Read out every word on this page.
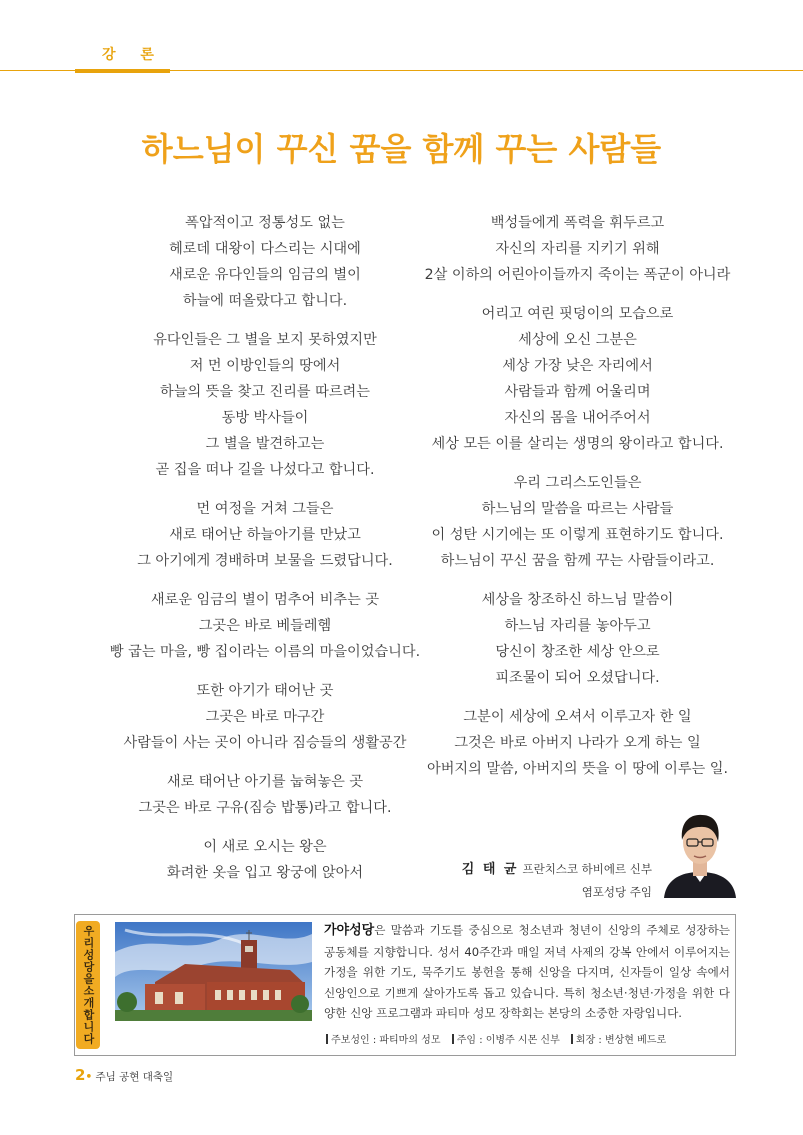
강 론
하느님이 꾸신 꿈을 함께 꾸는 사람들
폭압적이고 정통성도 없는
헤로데 대왕이 다스리는 시대에
새로운 유다인들의 임금의 별이
하늘에 떠올랐다고 합니다.
유다인들은 그 별을 보지 못하였지만
저 먼 이방인들의 땅에서
하늘의 뜻을 찾고 진리를 따르려는
동방 박사들이
그 별을 발견하고는
곧 집을 떠나 길을 나섰다고 합니다.
먼 여정을 거쳐 그들은
새로 태어난 하늘아기를 만났고
그 아기에게 경배하며 보물을 드렸답니다.
새로운 임금의 별이 멈추어 비추는 곳
그곳은 바로 베들레헴
빵 굽는 마을, 빵 집이라는 이름의 마을이었습니다.
또한 아기가 태어난 곳
그곳은 바로 마구간
사람들이 사는 곳이 아니라 짐승들의 생활공간
새로 태어난 아기를 눕혀놓은 곳
그곳은 바로 구유(짐승 밥통)라고 합니다.
이 새로 오시는 왕은
화려한 옷을 입고 왕궁에 앉아서
백성들에게 폭력을 휘두르고
자신의 자리를 지키기 위해
2살 이하의 어린아이들까지 죽이는 폭군이 아니라
어리고 여린 핏덩이의 모습으로
세상에 오신 그분은
세상 가장 낮은 자리에서
사람들과 함께 어울리며
자신의 몸을 내어주어서
세상 모든 이를 살리는 생명의 왕이라고 합니다.
우리 그리스도인들은
하느님의 말씀을 따르는 사람들
이 성탄 시기에는 또 이렇게 표현하기도 합니다.
하느님이 꾸신 꿈을 함께 꾸는 사람들이라고.
세상을 창조하신 하느님 말씀이
하느님 자리를 놓아두고
당신이 창조한 세상 안으로
피조물이 되어 오셨답니다.
그분이 세상에 오셔서 이루고자 한 일
그것은 바로 아버지 나라가 오게 하는 일
아버지의 말씀, 아버지의 뜻을 이 땅에 이루는 일.
김 태 균 프란치스코 하비에르 신부
염포성당 주임
우리성당을소개합니다	가야성당은 말씀과 기도를 중심으로 청소년과 청년이 신앙의 주체로 성장하는 공동체를 지향합니다. 성서 40주간과 매일 저녁 사제의 강복 안에서 이루어지는 가정을 위한 기도, 묵주기도 봉헌을 통해 신앙을 다지며, 신자들이 일상 속에서 신앙인으로 기쁘게 살아가도록 돕고 있습니다. 특히 청소년·청년·가정을 위한 다양한 신앙 프로그램과 파티마 성모 장학회는 본당의 소중한 자랑입니다.
주보성인 : 파티마의 성모 주임 : 이병주 시몬 신부 회장 : 변상현 베드로
2• 주님 공현 대축일
